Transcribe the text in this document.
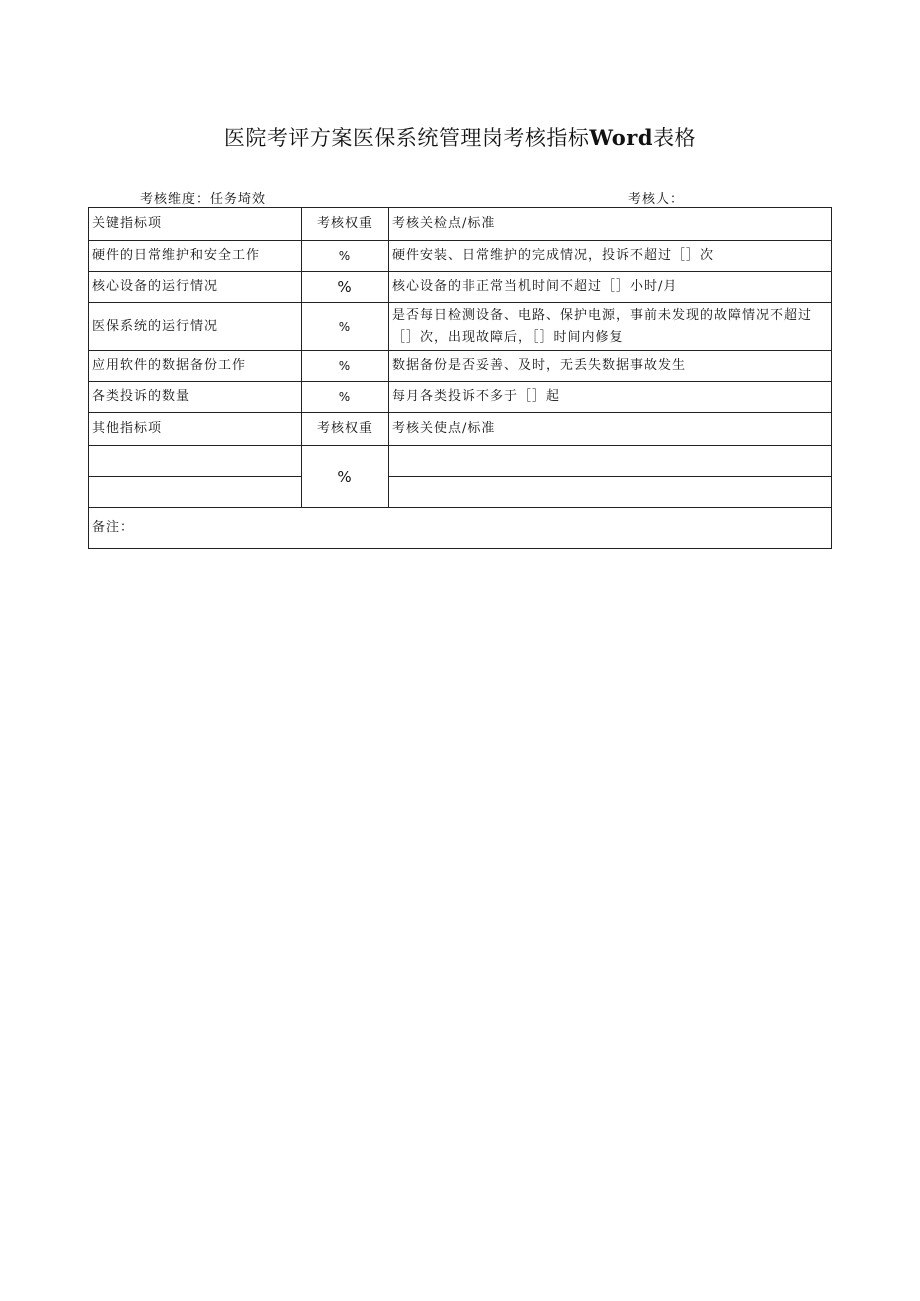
医院考评方案医保系统管理岗考核指标Word表格
考核维度：任务埼效	考核人：
关键指标项	考核权重	考核关检点/标准
硬件的日常维护和安全工作	%	硬件安装、日常维护的完成情况，投诉不超过［］次
核心设备的运行情况	%	核心设备的非正常当机时间不超过［］小时/月
医保系统的运行情况	%	是否每日检测设备、电路、保护电源，事前未发现的故障情况不超过［］次，出现故障后，［］时间内修复
应用软件的数据备份工作	%	数据备份是否妥善、及时，无丢失数据事故发生
各类投诉的数量	%	每月各类投诉不多于［］起
其他指标项	考核权重	考核关使点/标准
	%	

备注：		
